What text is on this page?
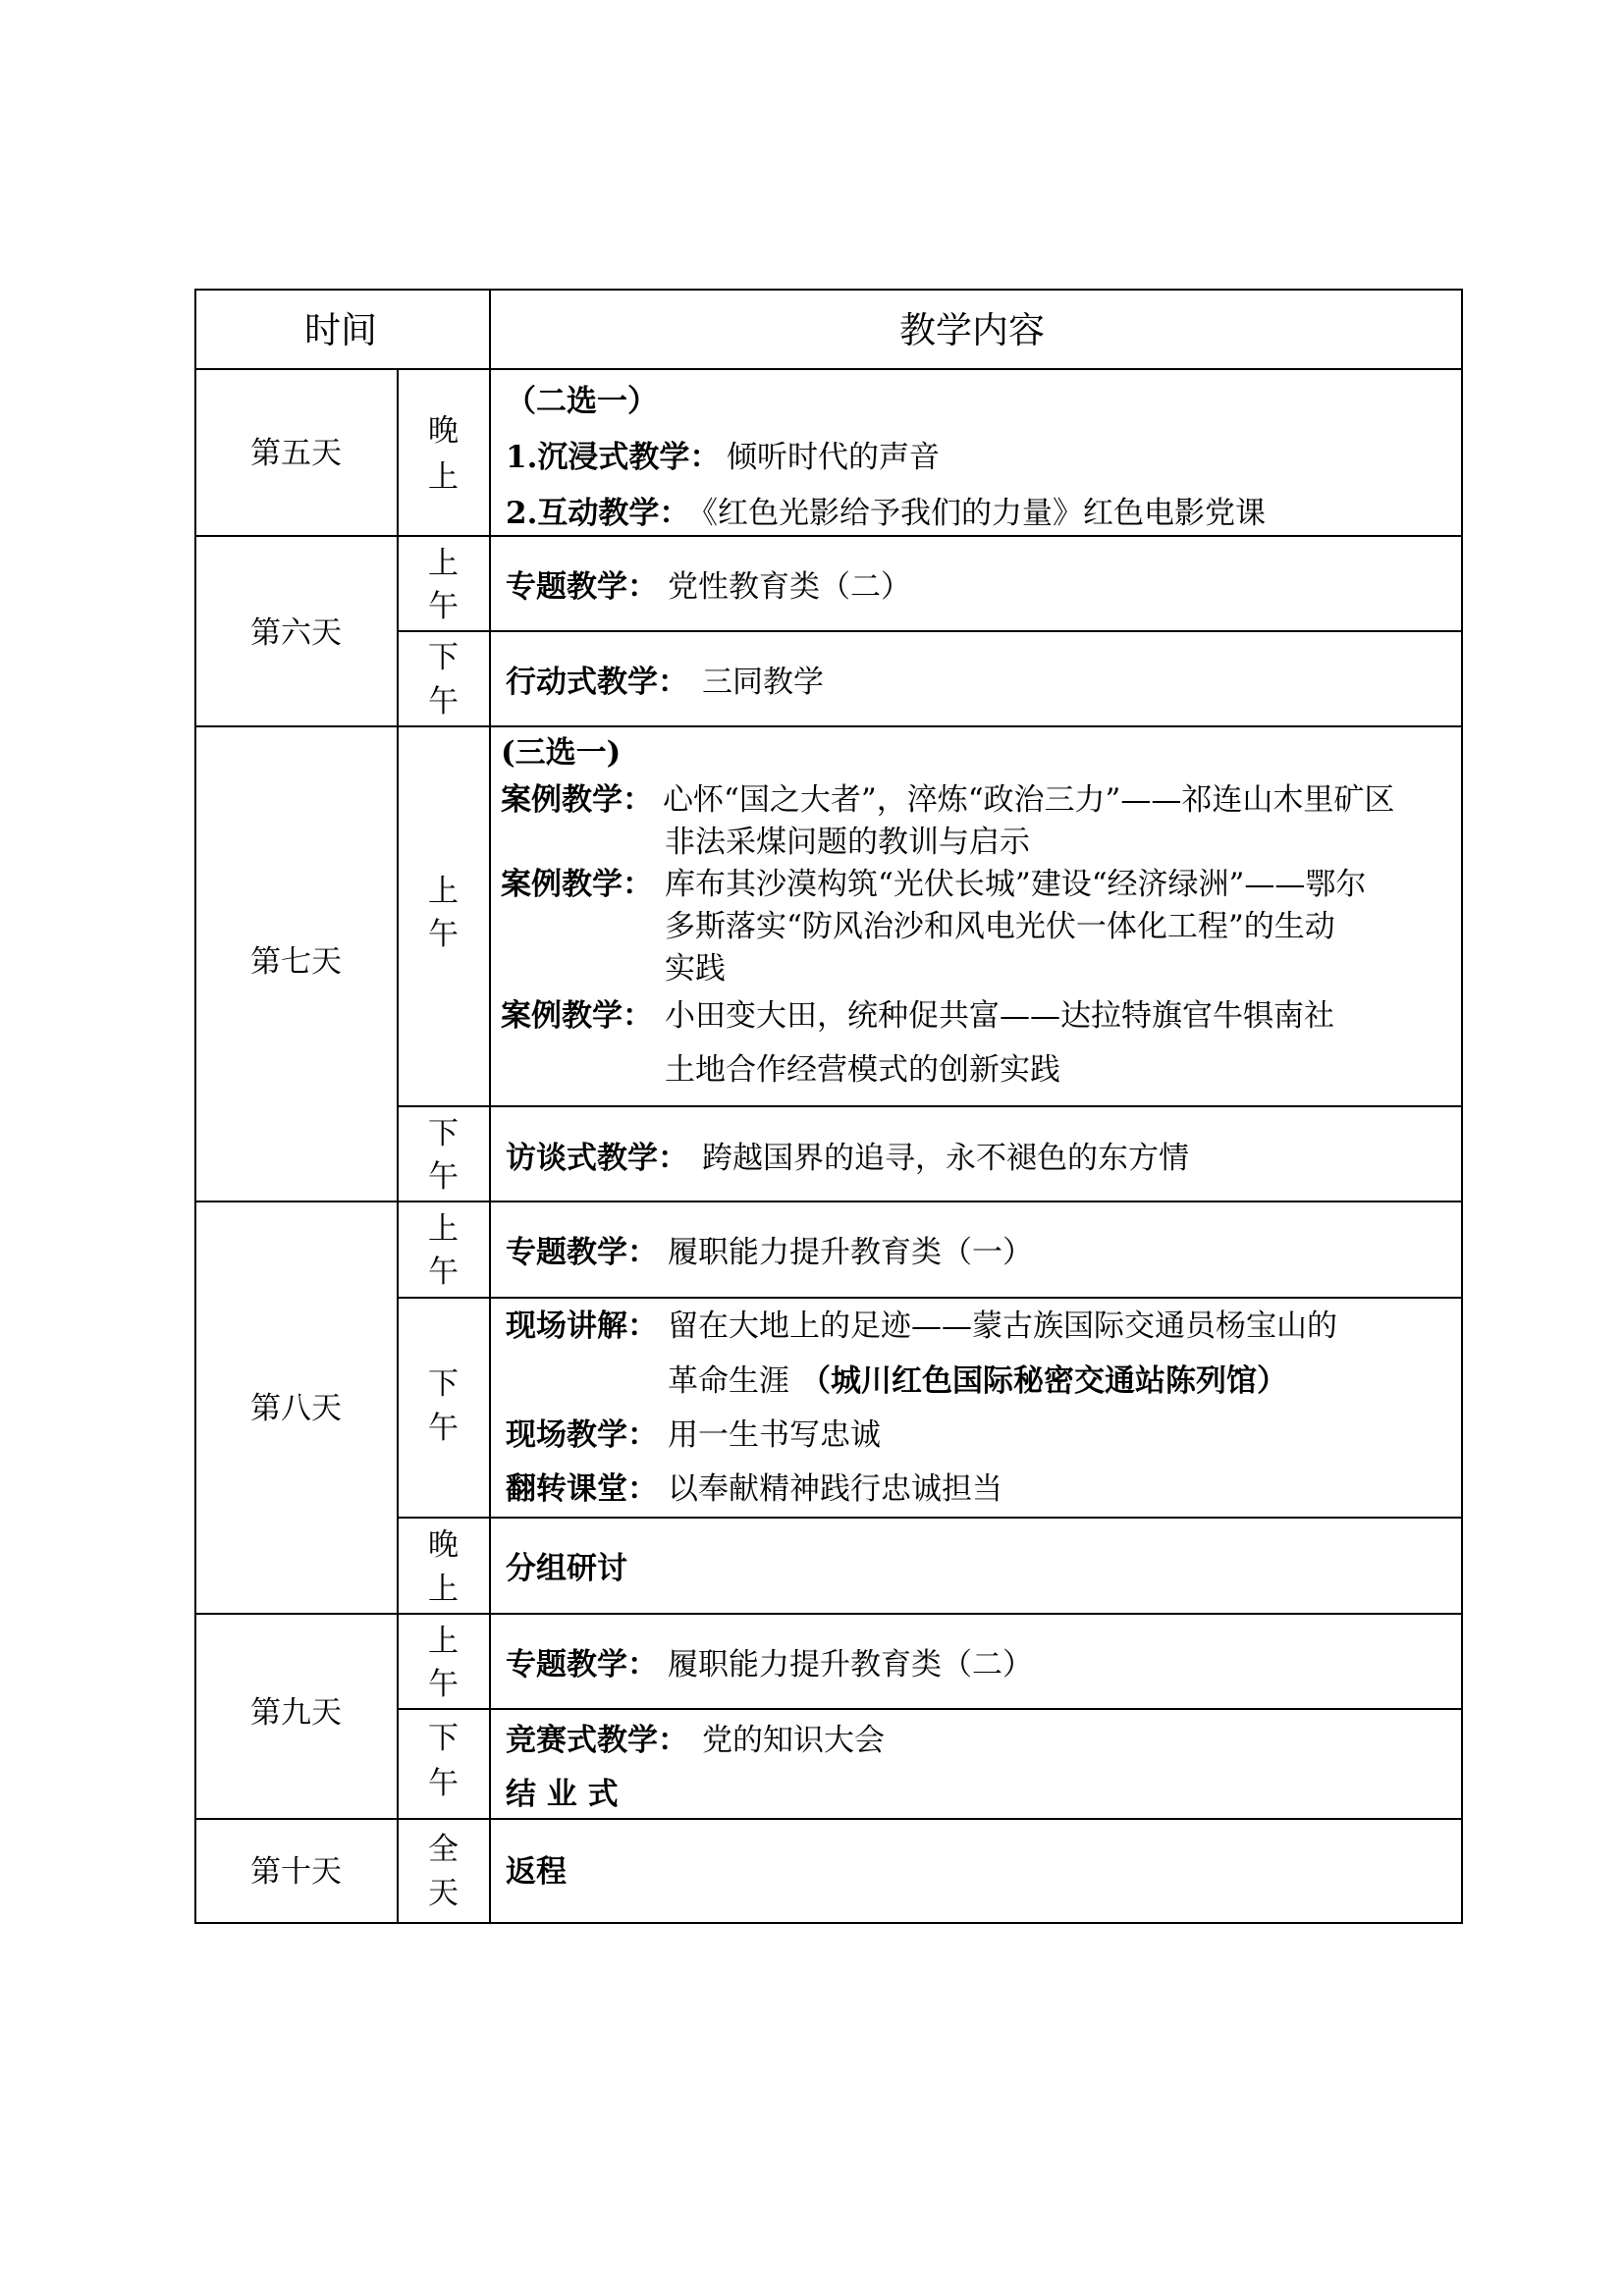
时间	教学内容
第五天
晚
上
（二选一）
1.沉浸式教学： 倾听时代的声音
2.互动教学：
《红色光影给予我们的力量》红色电影党课
第六天
上
午
专题教学： 党性教育类（二）
下
午
行动式教学： 三同教学
第七天
上
午
(三选一)
案例教学： 心怀“国之大者”，淬炼“政治三力”——祁连山木里矿区
非法采煤问题的教训与启示
案例教学： 库布其沙漠构筑“光伏长城”建设“经济绿洲”——鄂尔
多斯落实“防风治沙和风电光伏一体化工程”的生动
实践
案例教学： 小田变大田，统种促共富——达拉特旗官牛犋南社
土地合作经营模式的创新实践
下
午
访谈式教学： 跨越国界的追寻，永不褪色的东方情
第八天
上
午
专题教学： 履职能力提升教育类（一）
下
午
现场讲解： 留在大地上的足迹——蒙古族国际交通员杨宝山的
革命生涯 （城川红色国际秘密交通站陈列馆）
现场教学： 用一生书写忠诚
翻转课堂： 以奉献精神践行忠诚担当
晚
上
分组研讨
第九天
上
午
专题教学： 履职能力提升教育类（二）
下
午
竞赛式教学： 党的知识大会
结 业 式
第十天
全
天
返程
